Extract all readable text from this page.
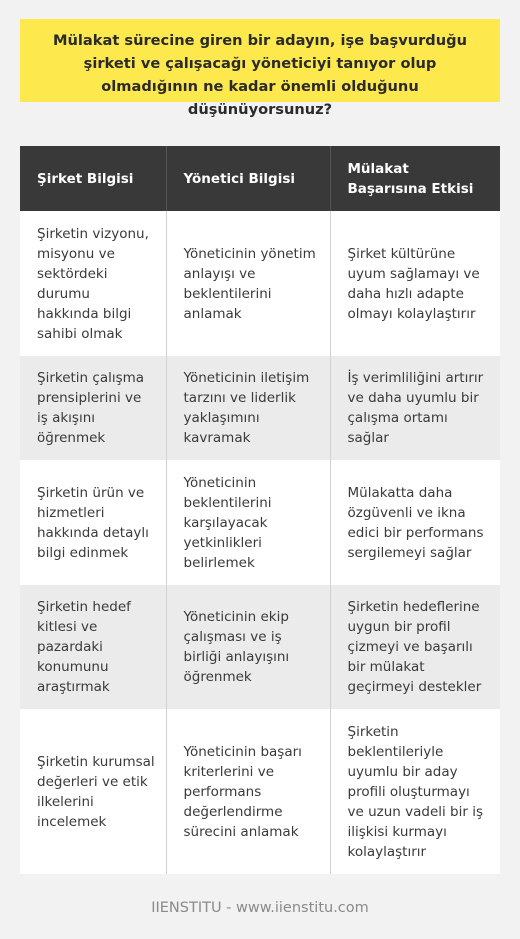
Mülakat sürecine giren bir adayın, işe başvurduğu şirketi ve çalışacağı yöneticiyi tanıyor olup olmadığının ne kadar önemli olduğunu düşünüyorsunuz?
Şirket Bilgisi	Yönetici Bilgisi	Mülakat Başarısına Etkisi
Şirketin vizyonu, misyonu ve sektördeki durumu hakkında bilgi sahibi olmak	Yöneticinin yönetim anlayışı ve beklentilerini anlamak	Şirket kültürüne uyum sağlamayı ve daha hızlı adapte olmayı kolaylaştırır
Şirketin çalışma prensiplerini ve iş akışını öğrenmek	Yöneticinin iletişim tarzını ve liderlik yaklaşımını kavramak	İş verimliliğini artırır ve daha uyumlu bir çalışma ortamı sağlar
Şirketin ürün ve hizmetleri hakkında detaylı bilgi edinmek	Yöneticinin beklentilerini karşılayacak yetkinlikleri belirlemek	Mülakatta daha özgüvenli ve ikna edici bir performans sergilemeyi sağlar
Şirketin hedef kitlesi ve pazardaki konumunu araştırmak	Yöneticinin ekip çalışması ve iş birliği anlayışını öğrenmek	Şirketin hedeflerine uygun bir profil çizmeyi ve başarılı bir mülakat geçirmeyi destekler
Şirketin kurumsal değerleri ve etik ilkelerini incelemek	Yöneticinin başarı kriterlerini ve performans değerlendirme sürecini anlamak	Şirketin beklentileriyle uyumlu bir aday profili oluşturmayı ve uzun vadeli bir iş ilişkisi kurmayı kolaylaştırır
IIENSTITU - www.iienstitu.com
